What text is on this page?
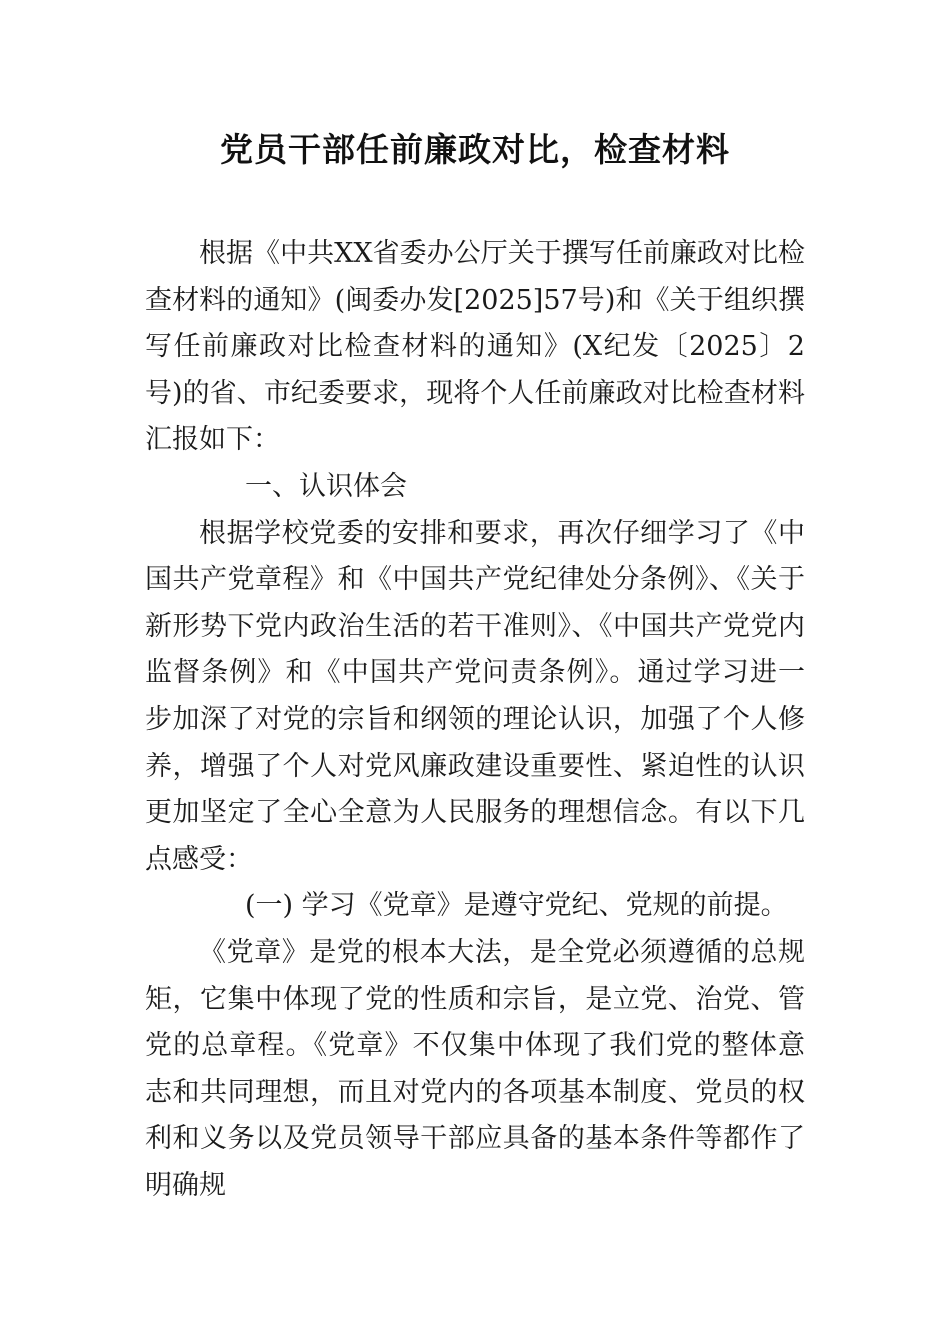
党员干部任前廉政对比，检查材料

根据《中共XX省委办公厅关于撰写任前廉政对比检查材料的通知》(闽委办发[2025]57号)和《关于组织撰写任前廉政对比检查材料的通知》(X纪发〔2025〕2号)的省、市纪委要求，现将个人任前廉政对比检查材料汇报如下：

一、认识体会

根据学校党委的安排和要求，再次仔细学习了《中国共产党章程》和《中国共产党纪律处分条例》、《关于新形势下党内政治生活的若干准则》、《中国共产党党内监督条例》和《中国共产党问责条例》。通过学习进一步加深了对党的宗旨和纲领的理论认识，加强了个人修养，增强了个人对党风廉政建设重要性、紧迫性的认识更加坚定了全心全意为人民服务的理想信念。有以下几点感受：

(一) 学习《党章》是遵守党纪、党规的前提。

《党章》是党的根本大法，是全党必须遵循的总规矩，它集中体现了党的性质和宗旨，是立党、治党、管党的总章程。《党章》不仅集中体现了我们党的整体意志和共同理想，而且对党内的各项基本制度、党员的权利和义务以及党员领导干部应具备的基本条件等都作了明确规
